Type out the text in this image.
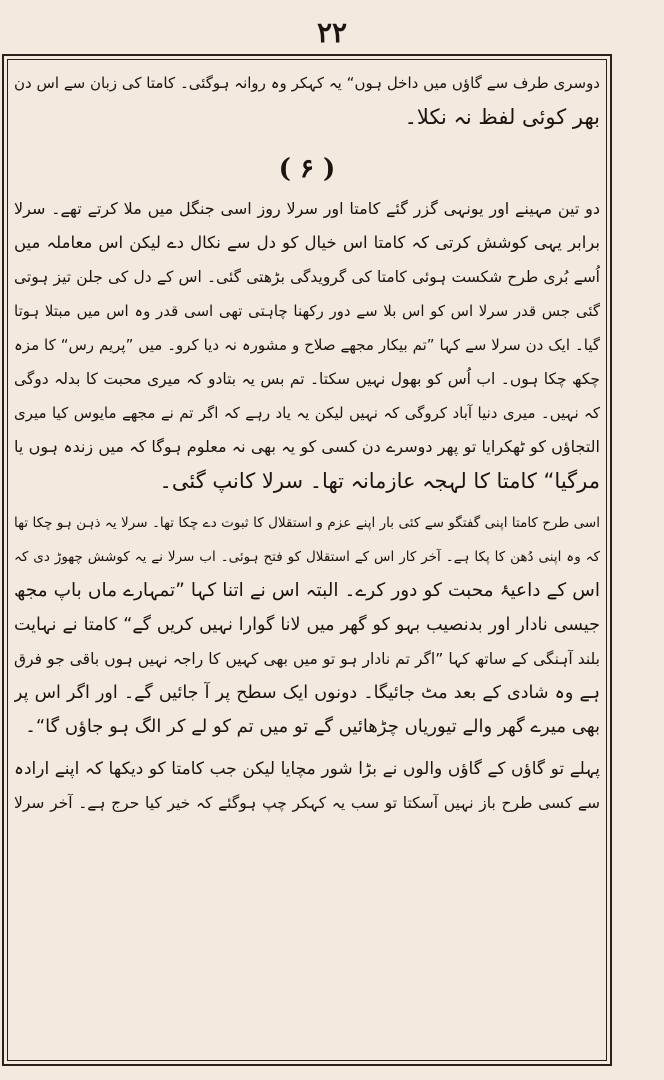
۲۲
دوسری طرف سے گاؤں میں داخل ہوں“ یہ کہکر وہ روانہ ہوگئی۔ کامتا کی زبان سے اس دن
بھر کوئی لفظ نہ نکلا۔
( ۶ )
دو تین مہینے اور یونہی گزر گئے کامتا اور سرلا روز اسی جنگل میں ملا کرتے تھے۔ سرلا
برابر یہی کوشش کرتی کہ کامتا اس خیال کو دل سے نکال دے لیکن اس معاملہ میں
اُسے بُری طرح شکست ہوئی کامتا کی گرویدگی بڑھتی گئی۔ اس کے دل کی جلن تیز ہوتی
گئی جس قدر سرلا اس کو اس بلا سے دور رکھنا چاہتی تھی اسی قدر وہ اس میں مبتلا ہوتا
گیا۔ ایک دن سرلا سے کہا ”تم بیکار مجھے صلاح و مشورہ نہ دیا کرو۔ میں ”پریم رس“ کا مزہ
چکھ چکا ہوں۔ اب اُس کو بھول نہیں سکتا۔ تم بس یہ بتادو کہ میری محبت کا بدلہ دوگی
کہ نہیں۔ میری دنیا آباد کروگی کہ نہیں لیکن یہ یاد رہے کہ اگر تم نے مجھے مایوس کیا میری
التجاؤں کو ٹھکرایا تو پھر دوسرے دن کسی کو یہ بھی نہ معلوم ہوگا کہ میں زندہ ہوں یا
مرگیا“ کامتا کا لہجہ عازمانہ تھا۔ سرلا کانپ گئی۔
اسی طرح کامتا اپنی گفتگو سے کئی بار اپنے عزم و استقلال کا ثبوت دے چکا تھا۔ سرلا یہ ذہن ہو چکا تھا
کہ وہ اپنی دُھن کا پکا ہے۔ آخر کار اس کے استقلال کو فتح ہوئی۔ اب سرلا نے یہ کوشش چھوڑ دی کہ
اس کے داعیۂ محبت کو دور کرے۔ البتہ اس نے اتنا کہا ”تمہارے ماں باپ مجھ
جیسی نادار اور بدنصیب بہو کو گھر میں لانا گوارا نہیں کریں گے“ کامتا نے نہایت
بلند آہنگی کے ساتھ کہا ”اگر تم نادار ہو تو میں بھی کہیں کا راجہ نہیں ہوں باقی جو فرق
ہے وہ شادی کے بعد مٹ جائیگا۔ دونوں ایک سطح پر آ جائیں گے۔ اور اگر اس پر
بھی میرے گھر والے تیوریاں چڑھائیں گے تو میں تم کو لے کر الگ ہو جاؤں گا“۔
پہلے تو گاؤں کے گاؤں والوں نے بڑا شور مچایا لیکن جب کامتا کو دیکھا کہ اپنے ارادہ
سے کسی طرح باز نہیں آسکتا تو سب یہ کہکر چپ ہوگئے کہ خیر کیا حرج ہے۔ آخر سرلا
